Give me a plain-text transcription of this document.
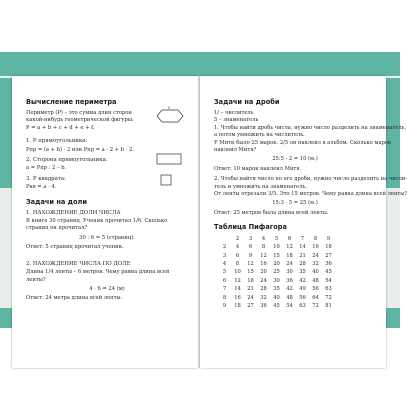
Вычисление периметра
Периметр (Р) – это сумма длин сторон
какой-нибудь геометрической фигуры:
a
P = a + b + c + d + e + f.
1. Р прямоугольника:
Pпр = (a + b) · 2 или Pпр = a · 2 + b · 2.
2. Сторона прямоугольника:
a = Pпр : 2 – b.
3. Р квадрата:
Pкв = a · 4.
Задачи на доли
1. НАХОЖДЕНИЕ ДОЛИ ЧИСЛА
В книге 30 страниц. Ученик прочитал 1/6. Сколько страниц он прочитал?
30 : 6 = 5 (страниц).
Ответ: 5 страниц прочитал ученик.
2. НАХОЖДЕНИЕ ЧИСЛА ПО ДОЛЕ
Длина 1/4 ленты – 6 метров. Чему равна длина всей ленты?
4 · 6 = 24 (м)
Ответ: 24 метра длина всей ленты.
Задачи на дроби
1/ – числитель
5 – знаменатель
1. Чтобы найти дробь числа, нужно число разделить на знаменатель,
а потом умножить на числитель.
У Мити было 25 марок. 2/5 он наклеил в альбом. Сколько марок
наклеил Митя?
25:5 · 2 = 10 (м.)
Ответ: 10 марок наклеил Митя.
2. Чтобы найти число по его дроби, нужно число разделить на числи-
тель и умножить на знаменатель.
От ленты отрезали 3/5. Это 15 метров. Чему равна длина всей ленты?
15:3 · 5 = 25 (м.)
Ответ: 25 метров была длина всей ленты.
Таблица Пифагора
	2	3	4	5	6	7	8	9
2	4	6	8	10	12	14	16	18
3	6	9	12	15	18	21	24	27
4	8	12	16	20	24	28	32	36
5	10	15	20	25	30	35	40	45
6	12	18	24	30	36	42	48	54
7	14	21	28	35	42	49	56	63
8	16	24	32	40	48	56	64	72
9	18	27	36	45	54	63	72	81
